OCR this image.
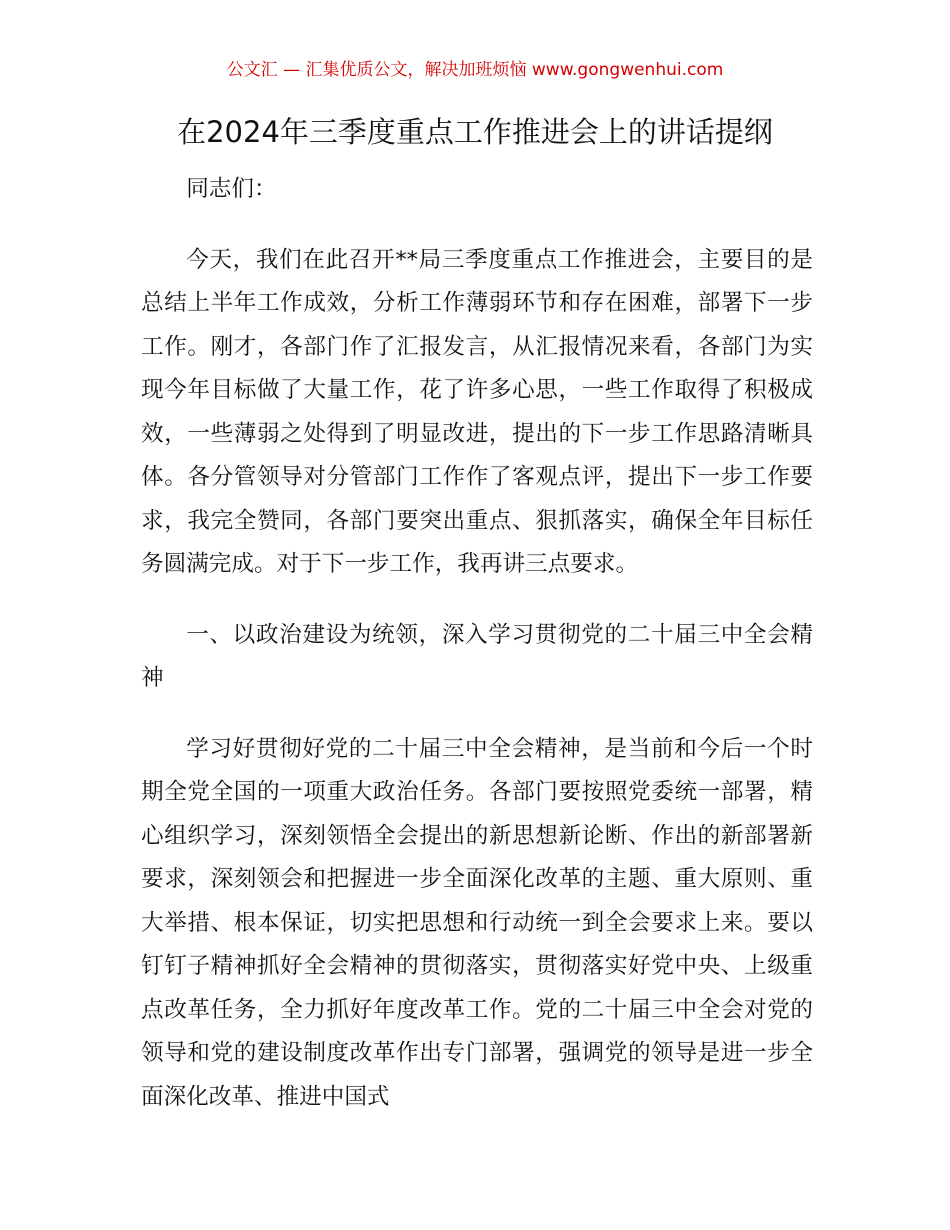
公文汇 — 汇集优质公文，解决加班烦恼 www.gongwenhui.com
在2024年三季度重点工作推进会上的讲话提纲

同志们：

今天，我们在此召开**局三季度重点工作推进会，主要目的是总结上半年工作成效，分析工作薄弱环节和存在困难，部署下一步工作。刚才，各部门作了汇报发言，从汇报情况来看，各部门为实现今年目标做了大量工作，花了许多心思，一些工作取得了积极成效，一些薄弱之处得到了明显改进，提出的下一步工作思路清晰具体。各分管领导对分管部门工作作了客观点评，提出下一步工作要求，我完全赞同，各部门要突出重点、狠抓落实，确保全年目标任务圆满完成。对于下一步工作，我再讲三点要求。

一、以政治建设为统领，深入学习贯彻党的二十届三中全会精神

学习好贯彻好党的二十届三中全会精神，是当前和今后一个时期全党全国的一项重大政治任务。各部门要按照党委统一部署，精心组织学习，深刻领悟全会提出的新思想新论断、作出的新部署新要求，深刻领会和把握进一步全面深化改革的主题、重大原则、重大举措、根本保证，切实把思想和行动统一到全会要求上来。要以钉钉子精神抓好全会精神的贯彻落实，贯彻落实好党中央、上级重点改革任务，全力抓好年度改革工作。党的二十届三中全会对党的领导和党的建设制度改革作出专门部署，强调党的领导是进一步全面深化改革、推进中国式
